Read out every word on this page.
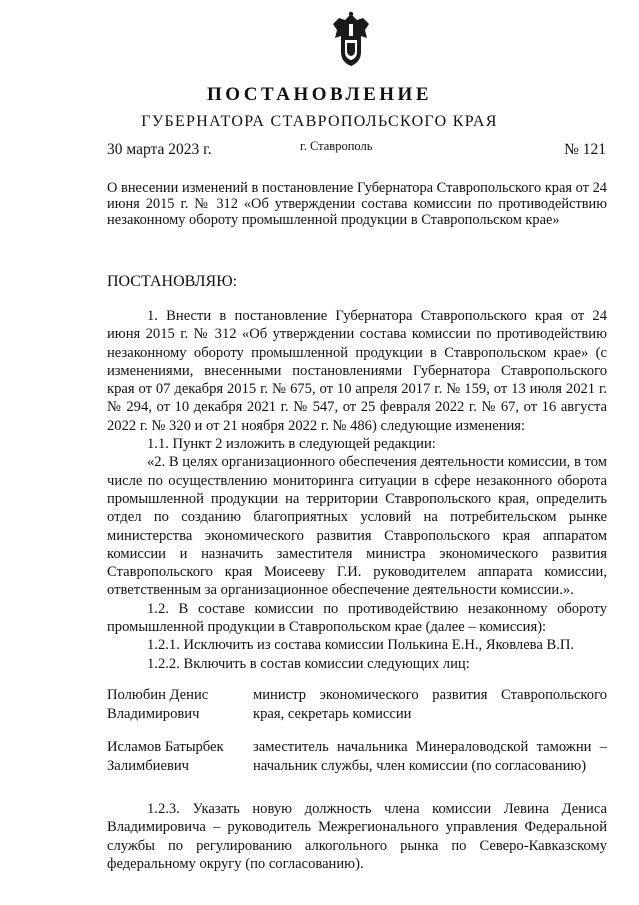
ПОСТАНОВЛЕНИЕ
ГУБЕРНАТОРА СТАВРОПОЛЬСКОГО КРАЯ
30 марта 2023 г.	г. Ставрополь	№ 121
О внесении изменений в постановление Губернатора Ставропольского края от 24 июня 2015 г. № 312 «Об утверждении состава комиссии по противодействию незаконному обороту промышленной продукции в Ставропольском крае»
ПОСТАНОВЛЯЮ:

1. Внести в постановление Губернатора Ставропольского края от 24 июня 2015 г. № 312 «Об утверждении состава комиссии по противодействию незаконному обороту промышленной продукции в Ставропольском крае» (с изменениями, внесенными постановлениями Губернатора Ставропольского края от 07 декабря 2015 г. № 675, от 10 апреля 2017 г. № 159, от 13 июля 2021 г. № 294, от 10 декабря 2021 г. № 547, от 25 февраля 2022 г. № 67, от 16 августа 2022 г. № 320 и от 21 ноября 2022 г. № 486) следующие изменения:

1.1. Пункт 2 изложить в следующей редакции:

«2. В целях организационного обеспечения деятельности комиссии, в том числе по осуществлению мониторинга ситуации в сфере незаконного оборота промышленной продукции на территории Ставропольского края, определить отдел по созданию благоприятных условий на потребительском рынке министерства экономического развития Ставропольского края аппаратом комиссии и назначить заместителя министра экономического развития Ставропольского края Моисееву Г.И. руководителем аппарата комиссии, ответственным за организационное обеспечение деятельности комиссии.».

1.2. В составе комиссии по противодействию незаконному обороту промышленной продукции в Ставропольском крае (далее – комиссия):

1.2.1. Исключить из состава комиссии Полькина Е.Н., Яковлева В.П.

1.2.2. Включить в состав комиссии следующих лиц:

Полюбин Денис Владимирович
министр экономического развития Ставропольского края, секретарь комиссии
Исламов Батырбек Залимбиевич
заместитель начальника Минераловодской таможни – начальник службы, член комиссии (по согласованию)

1.2.3. Указать новую должность члена комиссии Левина Дениса Владимировича – руководитель Межрегионального управления Федеральной службы по регулированию алкогольного рынка по Северо-Кавказскому федеральному округу (по согласованию).
